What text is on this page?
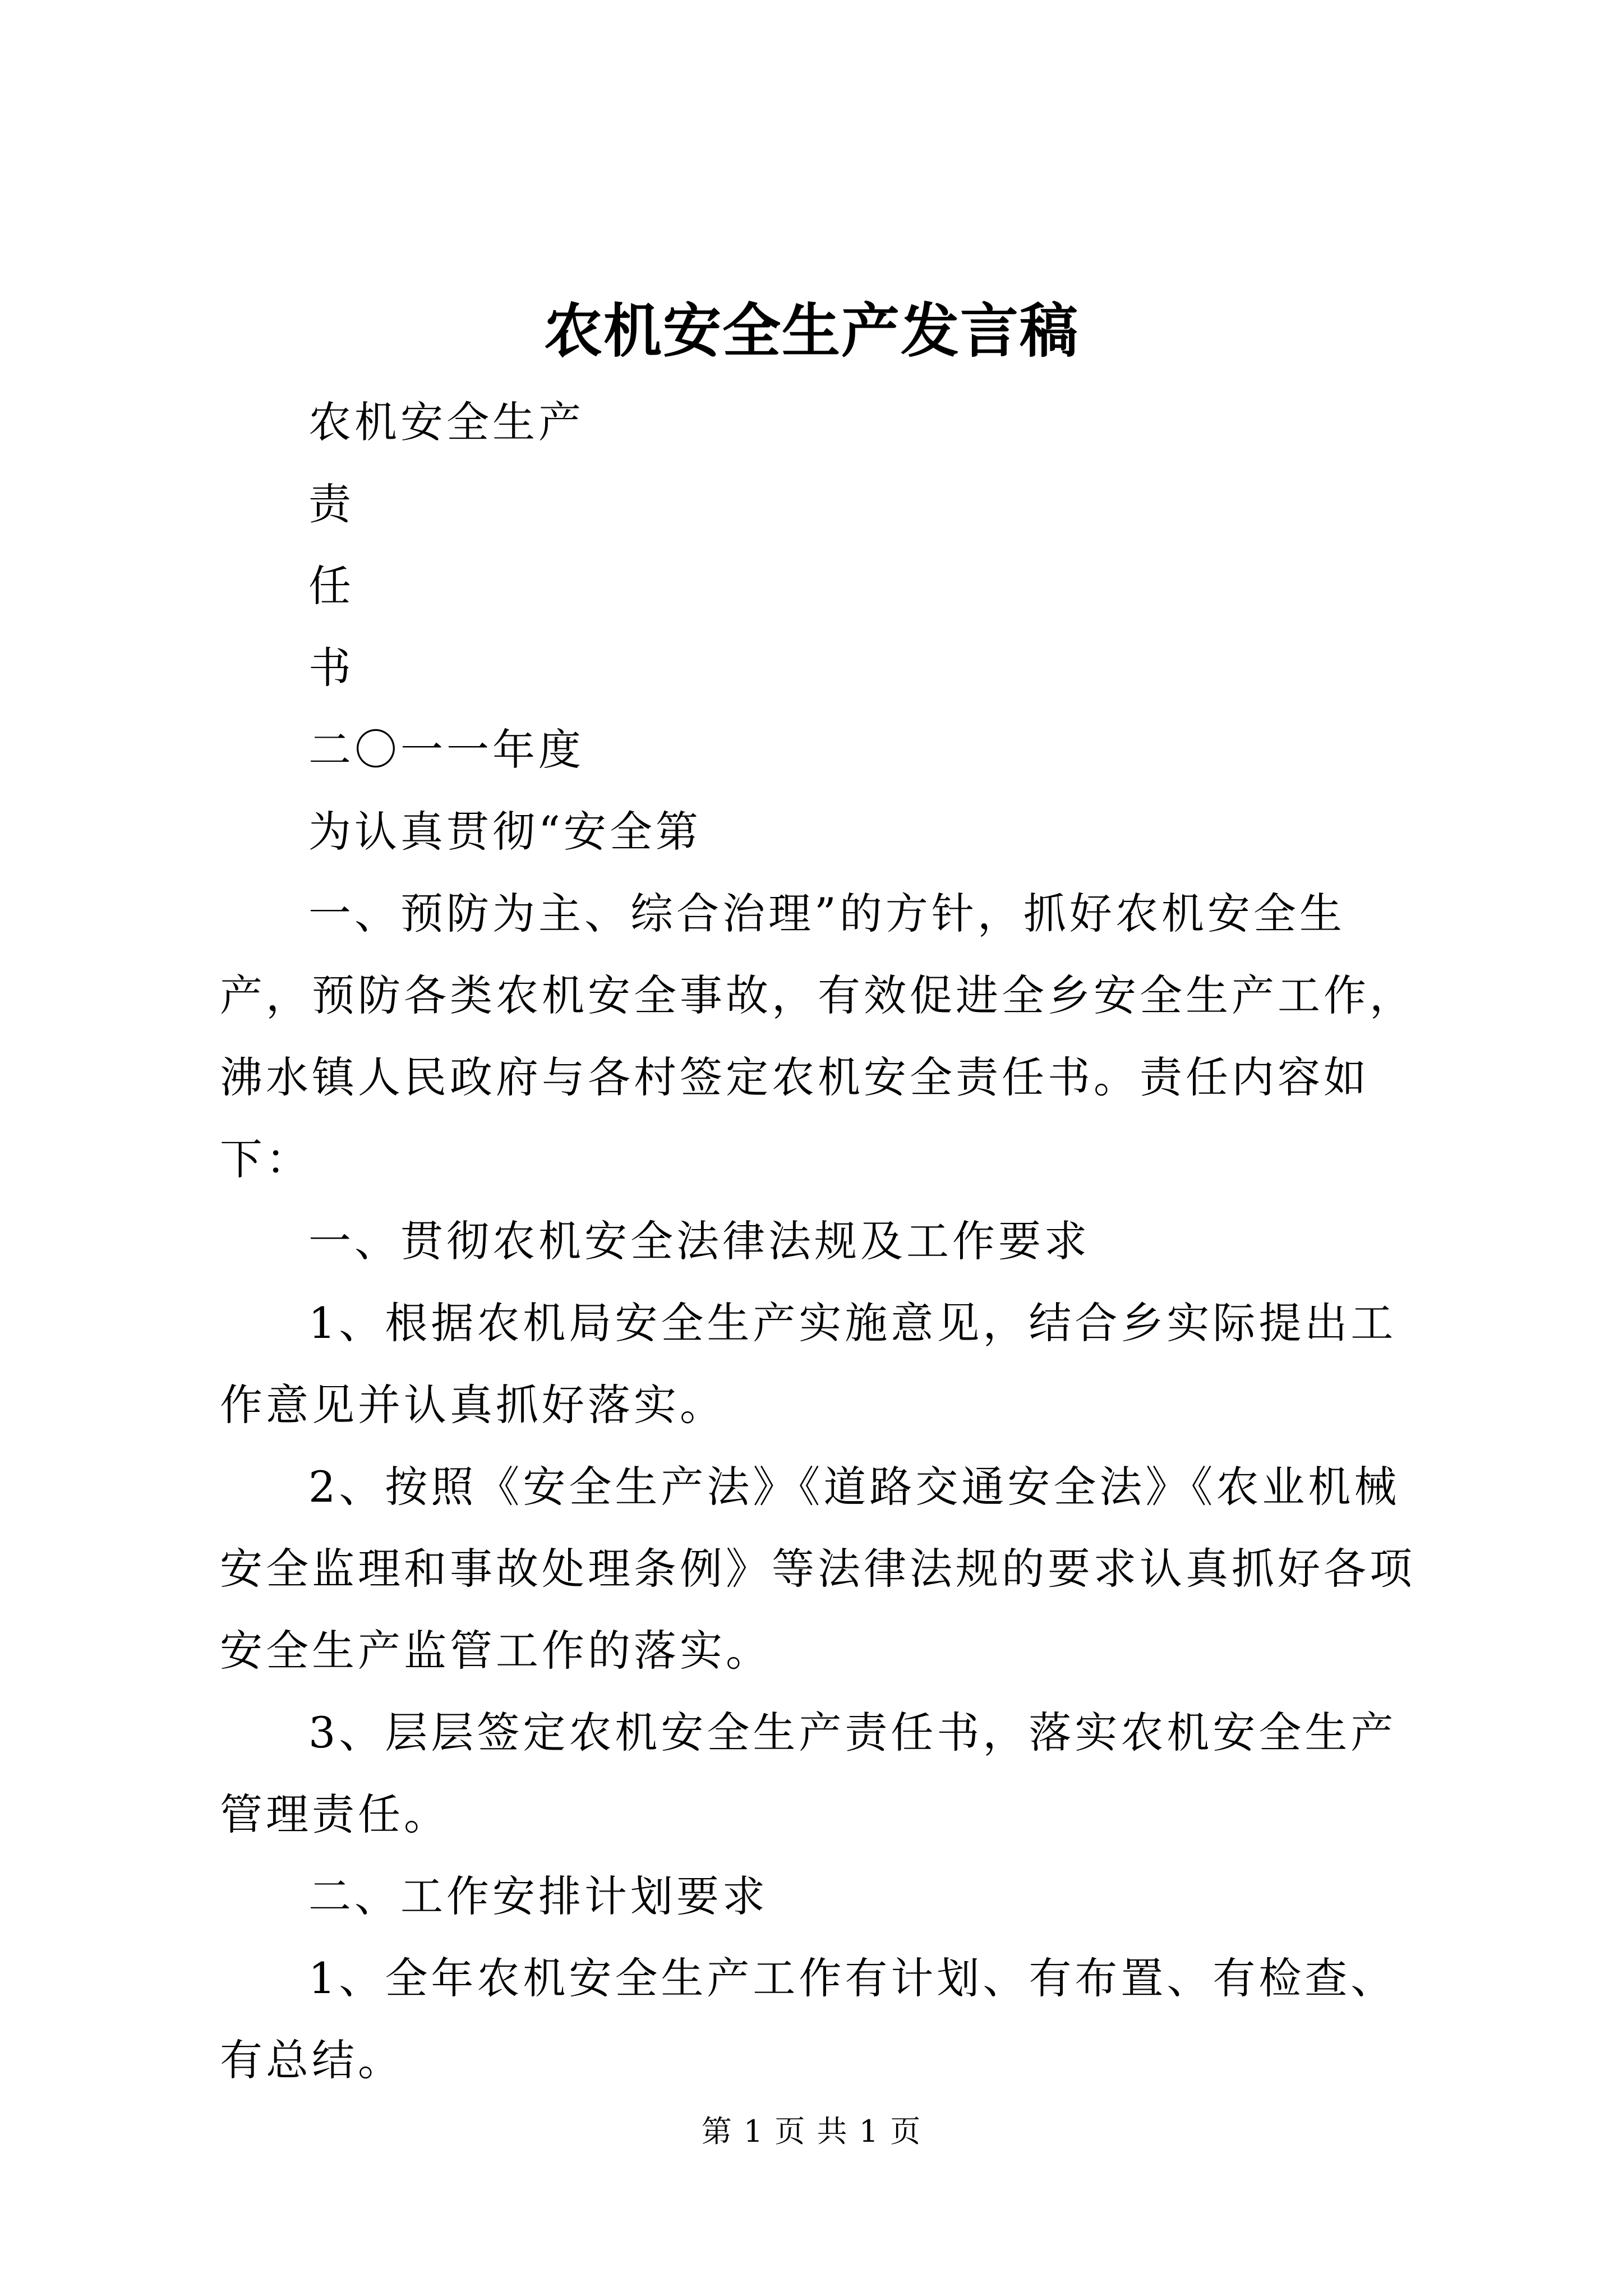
农机安全生产发言稿

农机安全生产

责

任

书

二〇一一年度

为认真贯彻“安全第

一、预防为主、综合治理”的方针，抓好农机安全生产，预防各类农机安全事故，有效促进全乡安全生产工作，沸水镇人民政府与各村签定农机安全责任书。责任内容如下：

一、贯彻农机安全法律法规及工作要求

1、根据农机局安全生产实施意见，结合乡实际提出工作意见并认真抓好落实。

2、按照《安全生产法》《道路交通安全法》《农业机械安全监理和事故处理条例》等法律法规的要求认真抓好各项安全生产监管工作的落实。

3、层层签定农机安全生产责任书，落实农机安全生产管理责任。

二、工作安排计划要求

1、全年农机安全生产工作有计划、有布置、有检查、有总结。

第 1 页 共 1 页
